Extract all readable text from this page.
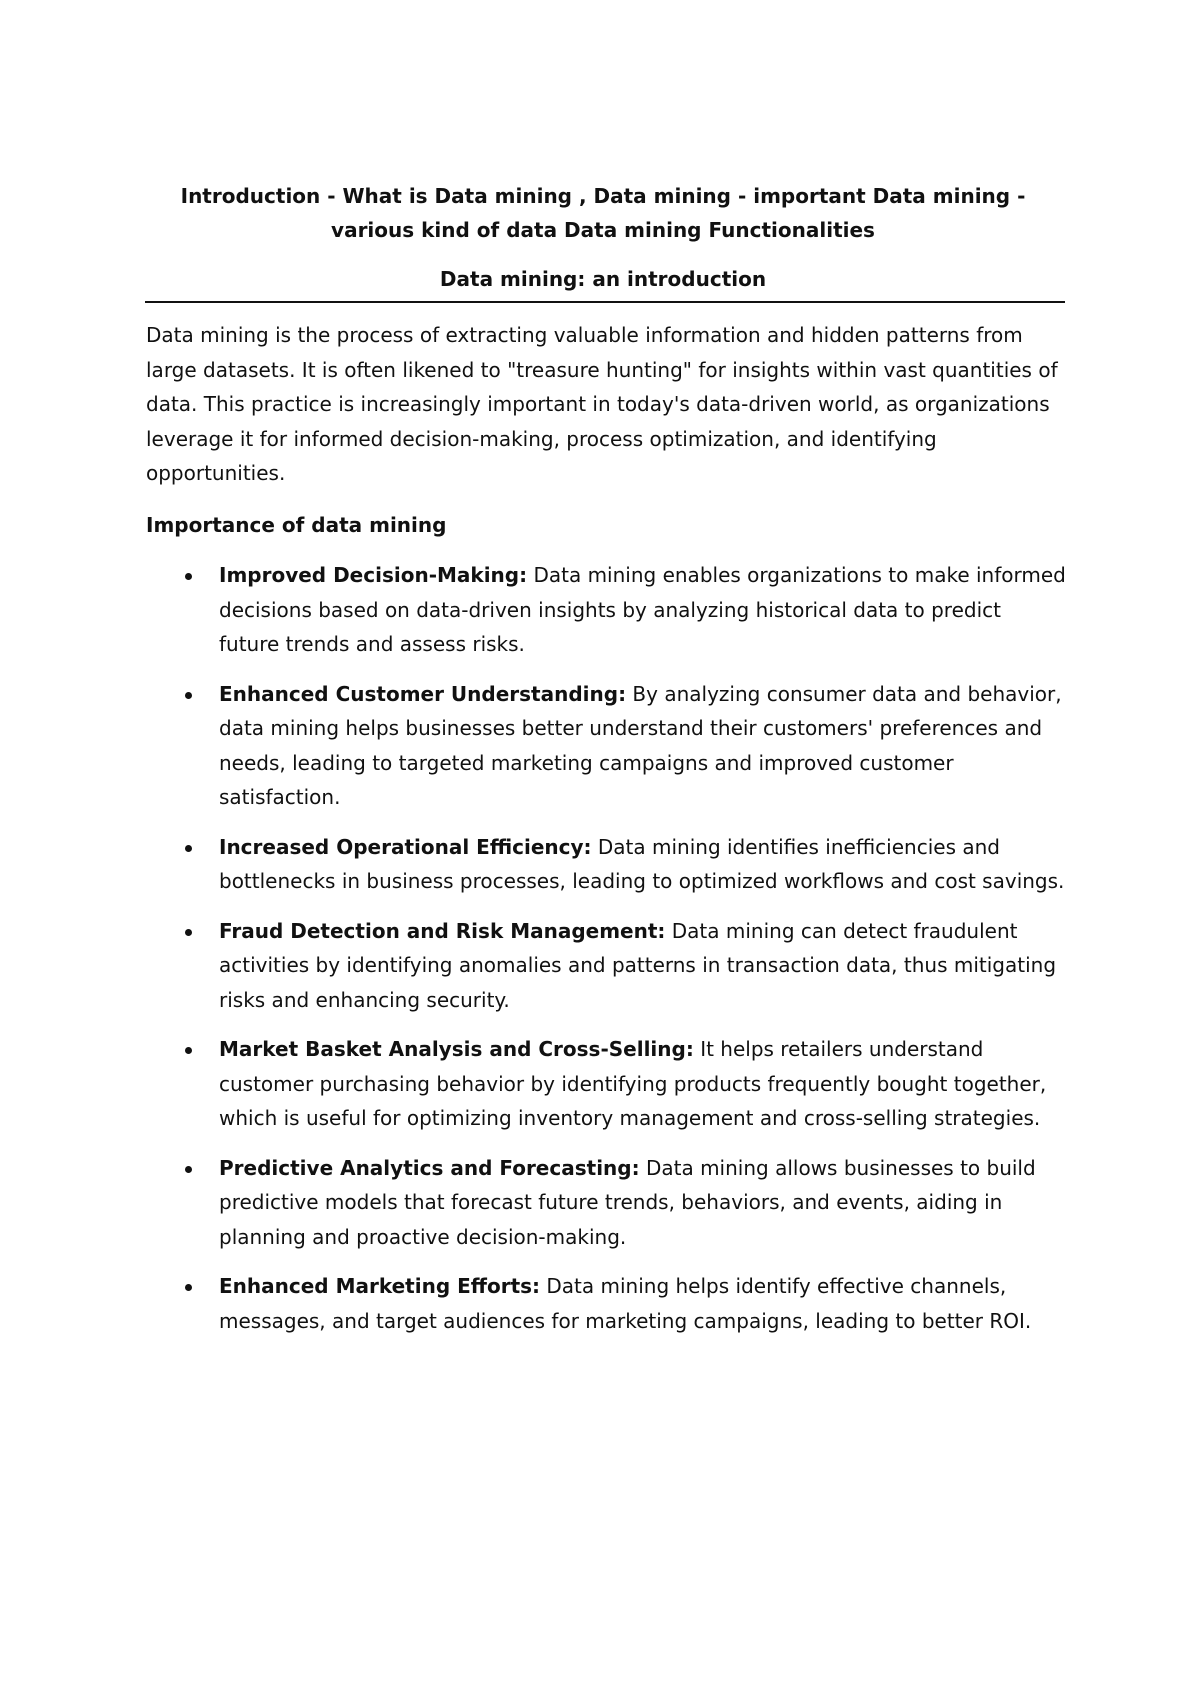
Introduction - What is Data mining , Data mining - important Data mining - various kind of data Data mining Functionalities
Data mining: an introduction

Data mining is the process of extracting valuable information and hidden patterns from large datasets. It is often likened to "treasure hunting" for insights within vast quantities of data. This practice is increasingly important in today's data-driven world, as organizations leverage it for informed decision-making, process optimization, and identifying opportunities.

Importance of data mining
Improved Decision-Making: Data mining enables organizations to make informed decisions based on data-driven insights by analyzing historical data to predict future trends and assess risks.
Enhanced Customer Understanding: By analyzing consumer data and behavior, data mining helps businesses better understand their customers' preferences and needs, leading to targeted marketing campaigns and improved customer satisfaction.
Increased Operational Efficiency: Data mining identifies inefficiencies and bottlenecks in business processes, leading to optimized workflows and cost savings.
Fraud Detection and Risk Management: Data mining can detect fraudulent activities by identifying anomalies and patterns in transaction data, thus mitigating risks and enhancing security.
Market Basket Analysis and Cross-Selling: It helps retailers understand customer purchasing behavior by identifying products frequently bought together, which is useful for optimizing inventory management and cross-selling strategies.
Predictive Analytics and Forecasting: Data mining allows businesses to build predictive models that forecast future trends, behaviors, and events, aiding in planning and proactive decision-making.
Enhanced Marketing Efforts: Data mining helps identify effective channels, messages, and target audiences for marketing campaigns, leading to better ROI.
